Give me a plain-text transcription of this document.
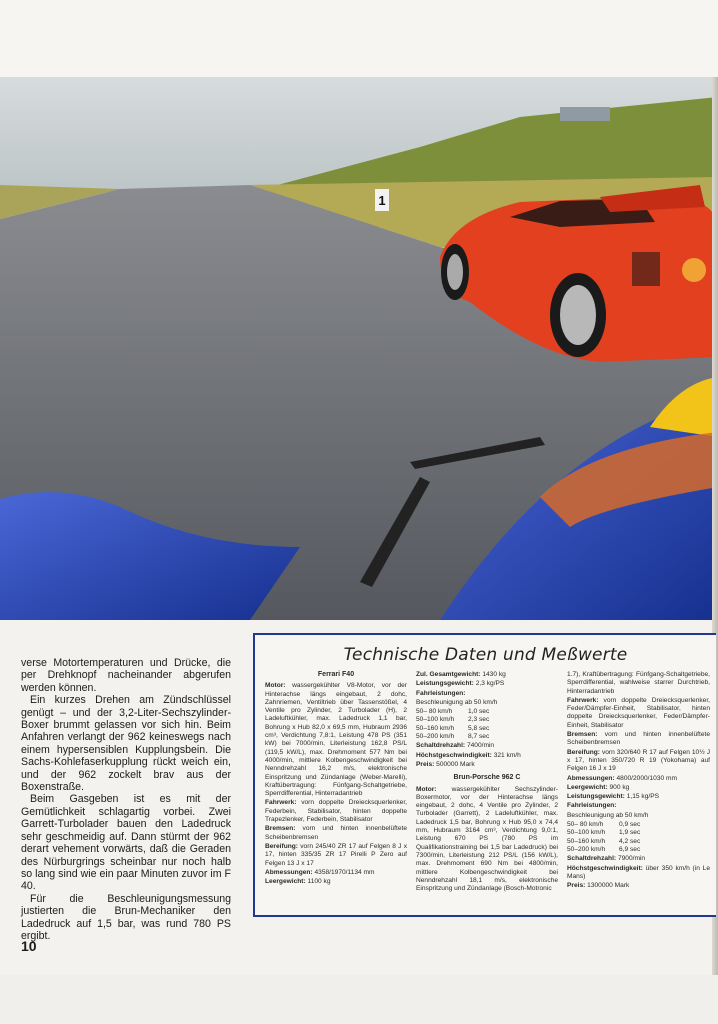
1

verse Motortemperaturen und Drücke, die per Drehknopf nacheinander abgerufen werden können.

Ein kurzes Drehen am Zündschlüssel genügt – und der 3,2-Liter-Sechszylinder-Boxer brummt gelassen vor sich hin. Beim Anfahren verlangt der 962 keineswegs nach einem hypersensiblen Kupplungsbein. Die Sachs-Kohlefaserkupplung rückt weich ein, und der 962 zockelt brav aus der Boxenstraße.

Beim Gasgeben ist es mit der Gemütlichkeit schlagartig vorbei. Zwei Garrett-Turbolader bauen den Ladedruck sehr geschmeidig auf. Dann stürmt der 962 derart vehement vorwärts, daß die Geraden des Nürburgrings scheinbar nur noch halb so lang sind wie ein paar Minuten zuvor im F 40.

Für die Beschleunigungsmessung justierten die Brun-Mechaniker den Ladedruck auf 1,5 bar, was rund 780 PS ergibt.

10
Technische Daten und Meßwerte
Ferrari F40
Motor: wassergekühlter V8-Motor, vor der Hinterachse längs eingebaut, 2 dohc, Zahnriemen, Ventiltrieb über Tassenstößel, 4 Ventile pro Zylinder, 2 Turbolader (H), 2 Ladeluftkühler, max. Ladedruck 1,1 bar, Bohrung x Hub 82,0 x 69,5 mm, Hubraum 2936 cm³, Verdichtung 7,8:1, Leistung 478 PS (351 kW) bei 7000/min, Literleistung 162,8 PS/L (119,5 kW/L), max. Drehmoment 577 Nm bei 4000/min, mittlere Kolbengeschwindigkeit bei Nenndrehzahl 16,2 m/s, elektronische Einspritzung und Zündanlage (Weber-Marelli), Kraftübertragung: Fünfgang-Schaltgetriebe, Sperrdifferential, Hinterradantrieb
Fahrwerk: vorn doppelte Dreiecksquerlenker, Federbein, Stabilisator, hinten doppelte Trapezlenker, Federbein, Stabilisator
Bremsen: vorn und hinten innenbelüftete Scheibenbremsen
Bereifung: vorn 245/40 ZR 17 auf Felgen 8 J x 17, hinten 335/35 ZR 17 Pirelli P Zero auf Felgen 13 J x 17
Abmessungen: 4358/1970/1134 mm
Leergewicht: 1100 kg
Zul. Gesamtgewicht: 1430 kg
Leistungsgewicht: 2,3 kg/PS
Fahrleistungen:
Beschleunigung ab 50 km/h
50– 80 km/h	1,0 sec
50–100 km/h	2,3 sec
50–160 km/h	5,8 sec
50–200 km/h	8,7 sec
Schaltdrehzahl: 7400/min
Höchstgeschwindigkeit: 321 km/h
Preis: 500000 Mark
Brun-Porsche 962 C
Motor: wassergekühlter Sechszylinder-Boxermotor, vor der Hinterachse längs eingebaut, 2 dohc, 4 Ventile pro Zylinder, 2 Turbolader (Garrett), 2 Ladeluftkühler, max. Ladedruck 1,5 bar, Bohrung x Hub 95,0 x 74,4 mm, Hubraum 3164 cm³, Verdichtung 9,0:1, Leistung 670 PS (780 PS im Qualifikationstraining bei 1,5 bar Ladedruck) bei 7300/min, Literleistung 212 PS/L (156 kW/L), max. Drehmoment 690 Nm bei 4800/min, mittlere Kolbengeschwindigkeit bei Nenndrehzahl 18,1 m/s, elektronische Einspritzung und Zündanlage (Bosch-Motronic
1.7), Kraftübertragung: Fünfgang-Schaltgetriebe, Sperrdifferential, wahlweise starrer Durchtrieb, Hinterradantrieb
Fahrwerk: vorn doppelte Dreiecksquerlenker, Feder/Dämpfer-Einheit, Stabilisator, hinten doppelte Dreiecksquerlenker, Feder/Dämpfer-Einheit, Stabilisator
Bremsen: vorn und hinten innenbelüftete Scheibenbremsen
Bereifung: vorn 320/640 R 17 auf Felgen 10½ J x 17, hinten 350/720 R 19 (Yokohama) auf Felgen 16 J x 19
Abmessungen: 4800/2000/1030 mm
Leergewicht: 900 kg
Leistungsgewicht: 1,15 kg/PS
Fahrleistungen:
Beschleunigung ab 50 km/h
50– 80 km/h	0,9 sec
50–100 km/h	1,9 sec
50–160 km/h	4,2 sec
50–200 km/h	6,9 sec
Schaltdrehzahl: 7900/min
Höchstgeschwindigkeit: über 350 km/h (in Le Mans)
Preis: 1300000 Mark
